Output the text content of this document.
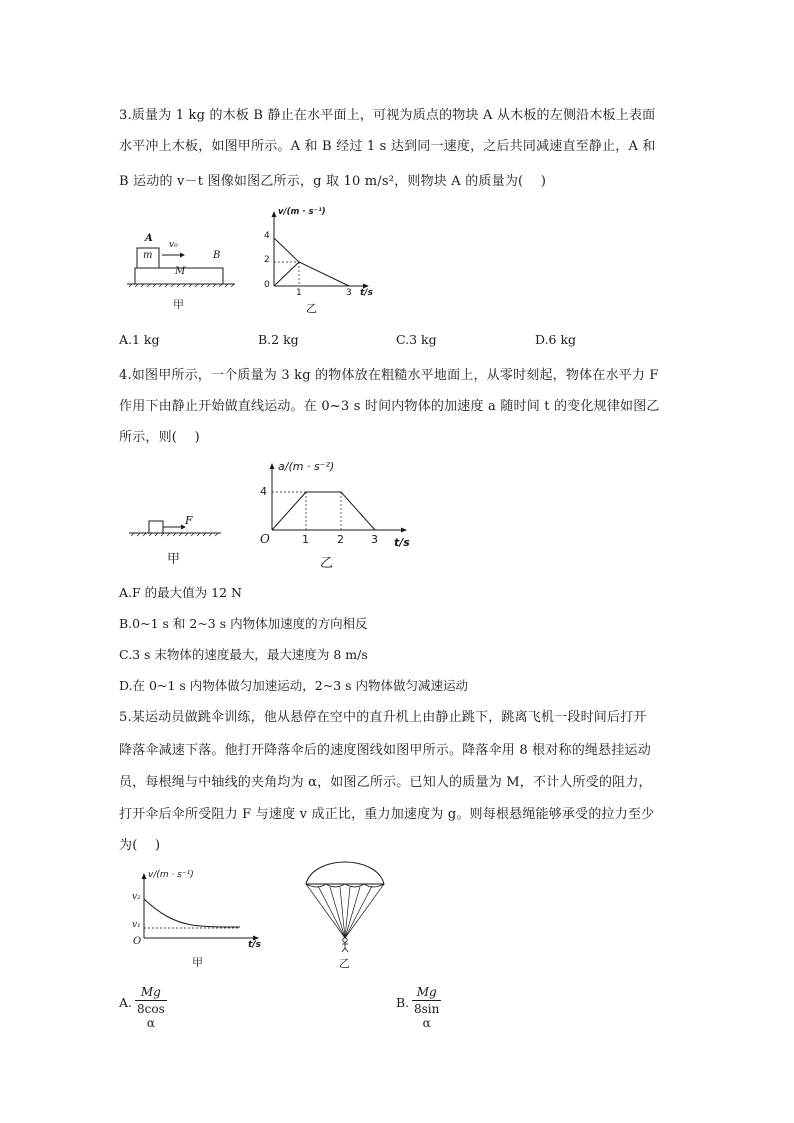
3.质量为 1 kg 的木板 B 静止在水平面上，可视为质点的物块 A 从木板的左侧沿木板上表面
水平冲上木板，如图甲所示。A 和 B 经过 1 s 达到同一速度，之后共同减速直至静止，A 和
B 运动的 v－t 图像如图乙所示，g 取 10 m/s²，则物块 A 的质量为(　 )
A
m
v₀
M
B
甲
v/(m · s⁻¹)
4
2
0
1	3 t/s
乙
A.1 kg	B.2 kg	C.3 kg	D.6 kg
4.如图甲所示，一个质量为 3 kg 的物体放在粗糙水平地面上，从零时刻起，物体在水平力 F
作用下由静止开始做直线运动。在 0~3 s 时间内物体的加速度 a 随时间 t 的变化规律如图乙
所示，则(　 )
F
甲
a/(m · s⁻²)
4
O	1	2 3 t/s
乙
A.F 的最大值为 12 N
B.0~1 s 和 2~3 s 内物体加速度的方向相反
C.3 s 末物体的速度最大，最大速度为 8 m/s
D.在 0~1 s 内物体做匀加速运动，2~3 s 内物体做匀减速运动
5.某运动员做跳伞训练，他从悬停在空中的直升机上由静止跳下，跳离飞机一段时间后打开
降落伞减速下落。他打开降落伞后的速度图线如图甲所示。降落伞用 8 根对称的绳悬挂运动
员，每根绳与中轴线的夹角均为 α，如图乙所示。已知人的质量为 M，不计人所受的阻力，
打开伞后伞所受阻力 F 与速度 v 成正比，重力加速度为 g。则每根悬绳能够承受的拉力至少
为(　 )
v/(m · s⁻¹)
v₂
v₁
O	t/s
甲	乙
A.
Mg
8cos α
B.
Mg
8sin α
